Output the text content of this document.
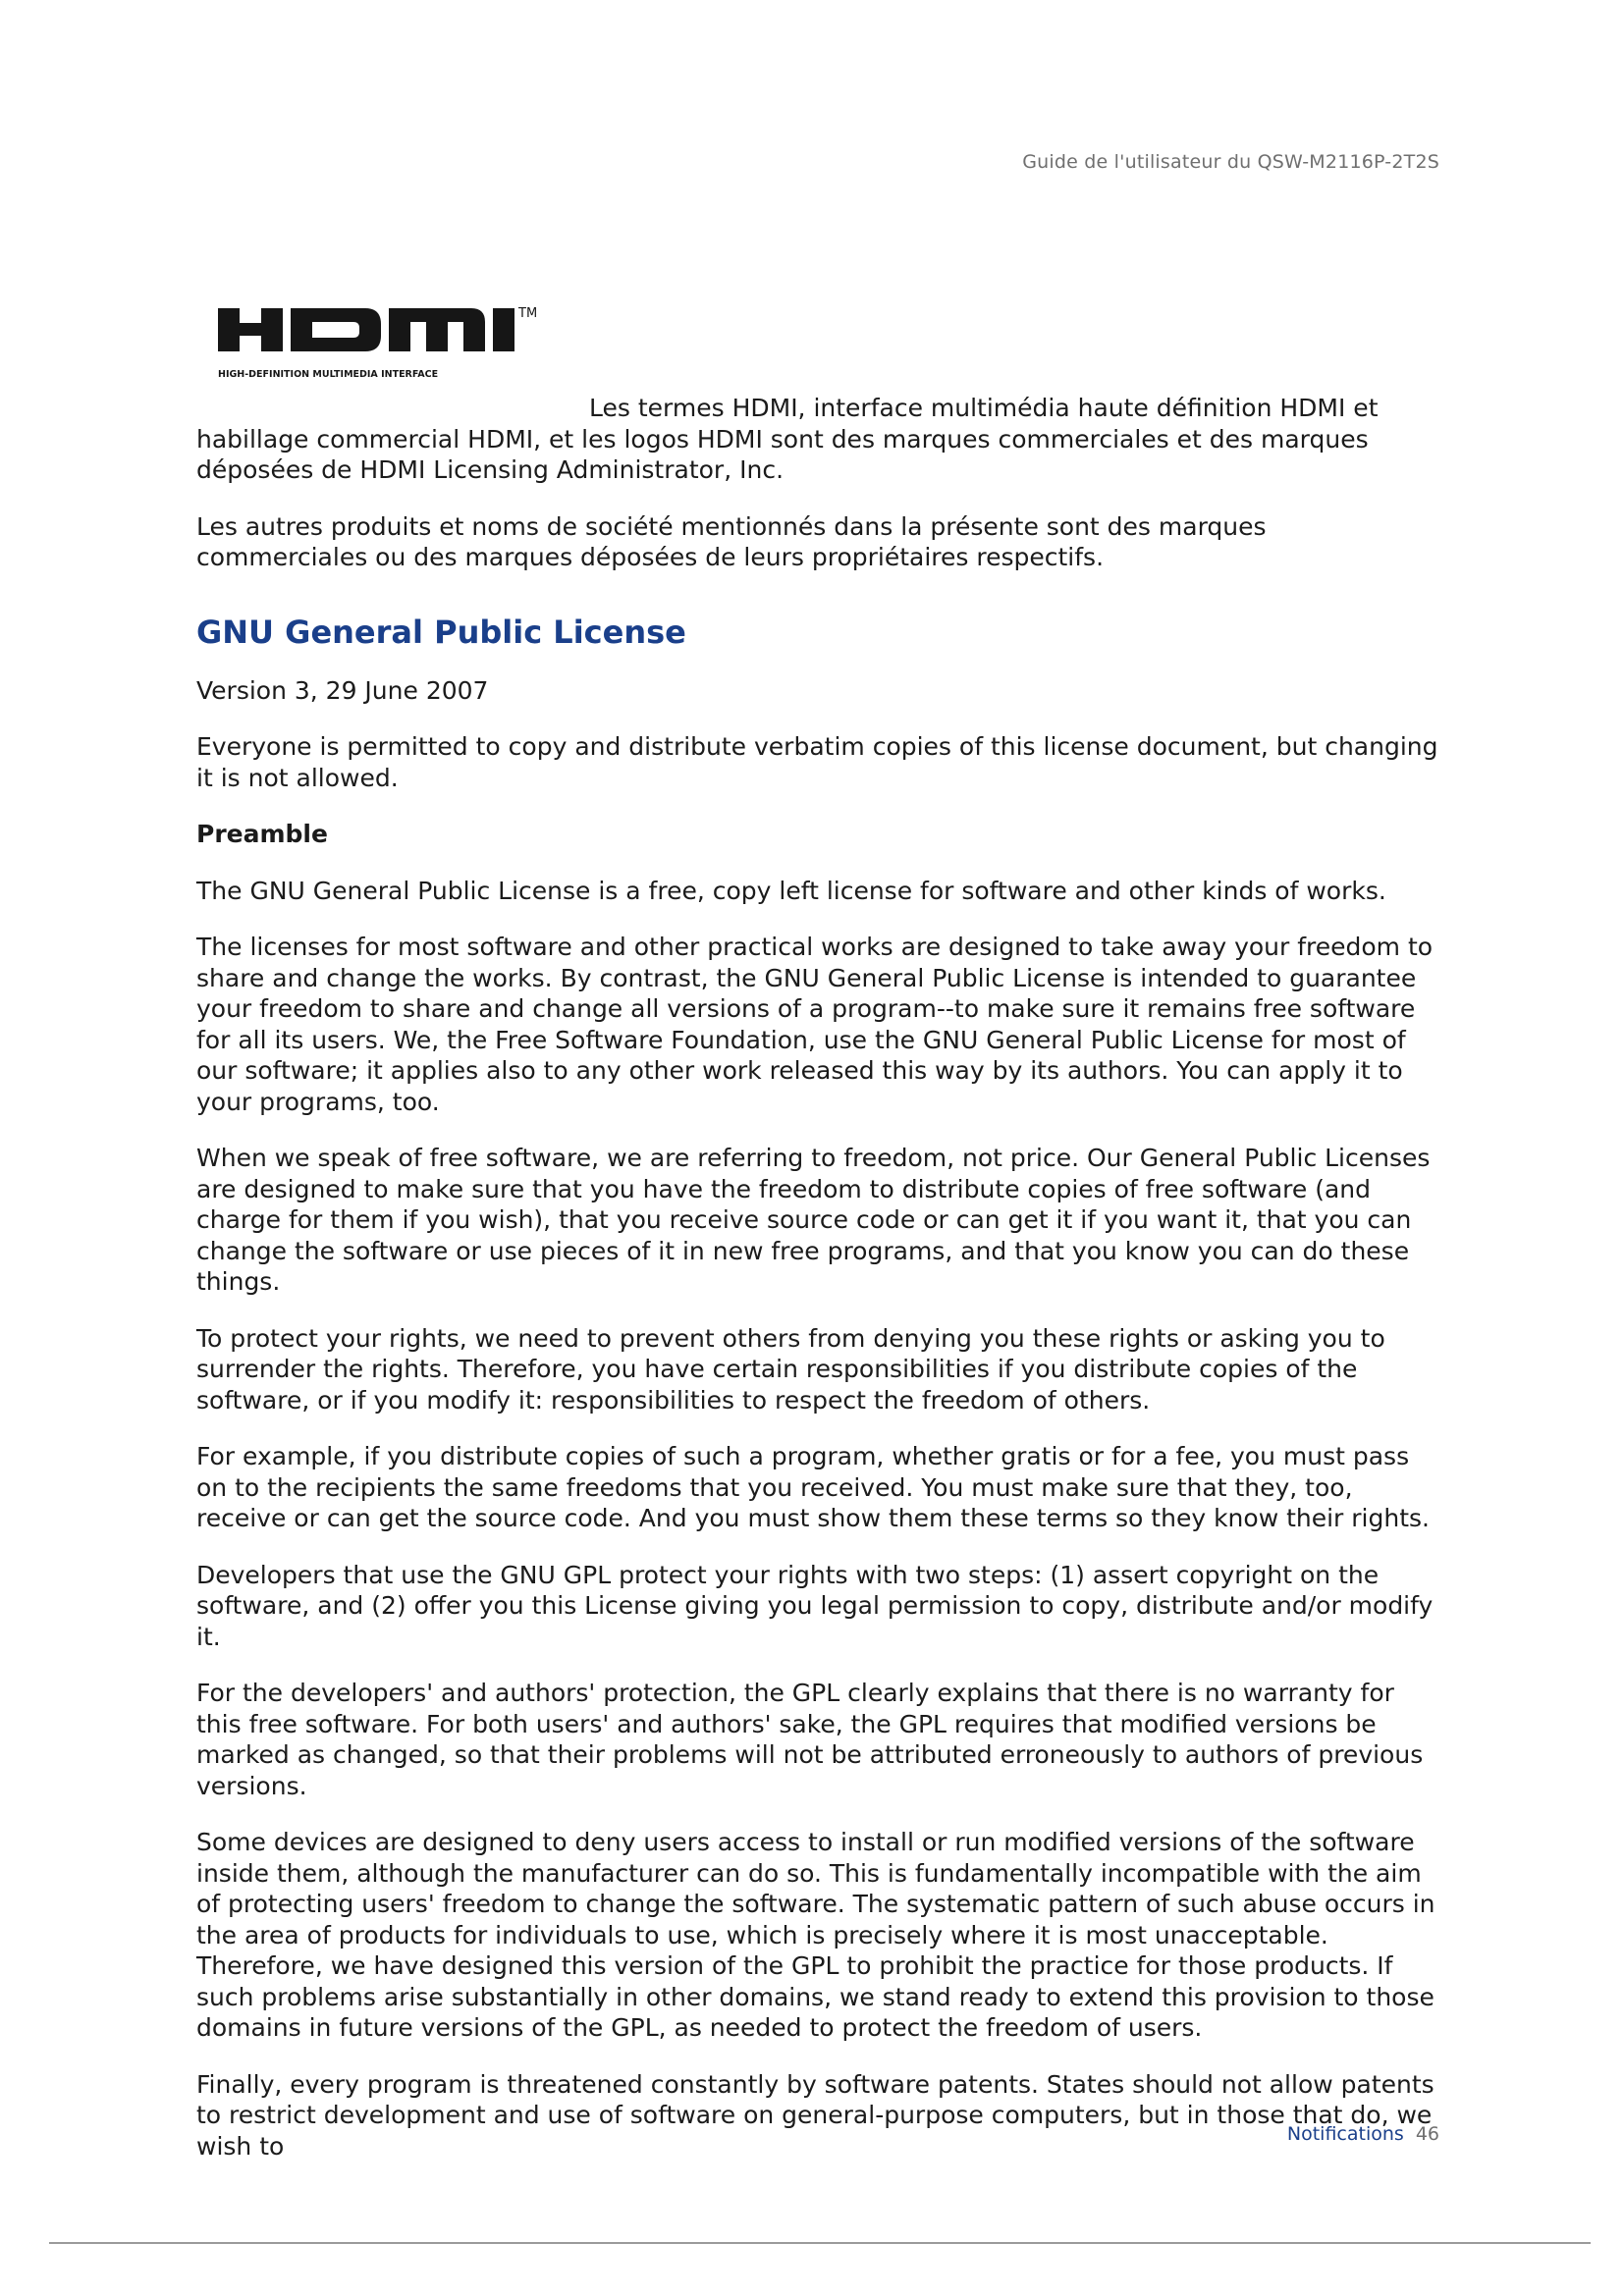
Guide de l'utilisateur du QSW-M2116P-2T2S
TM
HIGH-DEFINITION MULTIMEDIA INTERFACE

Les termes HDMI, interface multimédia haute définition HDMI et habillage commercial HDMI, et les logos HDMI sont des marques commerciales et des marques déposées de HDMI Licensing Administrator, Inc.

Les autres produits et noms de société mentionnés dans la présente sont des marques commerciales ou des marques déposées de leurs propriétaires respectifs.

GNU General Public License

Version 3, 29 June 2007

Everyone is permitted to copy and distribute verbatim copies of this license document, but changing it is not allowed.

Preamble

The GNU General Public License is a free, copy left license for software and other kinds of works.

The licenses for most software and other practical works are designed to take away your freedom to share and change the works. By contrast, the GNU General Public License is intended to guarantee your freedom to share and change all versions of a program--to make sure it remains free software for all its users. We, the Free Software Foundation, use the GNU General Public License for most of our software; it applies also to any other work released this way by its authors. You can apply it to your programs, too.

When we speak of free software, we are referring to freedom, not price. Our General Public Licenses are designed to make sure that you have the freedom to distribute copies of free software (and charge for them if you wish), that you receive source code or can get it if you want it, that you can change the software or use pieces of it in new free programs, and that you know you can do these things.

To protect your rights, we need to prevent others from denying you these rights or asking you to surrender the rights. Therefore, you have certain responsibilities if you distribute copies of the software, or if you modify it: responsibilities to respect the freedom of others.

For example, if you distribute copies of such a program, whether gratis or for a fee, you must pass on to the recipients the same freedoms that you received. You must make sure that they, too, receive or can get the source code. And you must show them these terms so they know their rights.

Developers that use the GNU GPL protect your rights with two steps: (1) assert copyright on the software, and (2) offer you this License giving you legal permission to copy, distribute and/or modify it.

For the developers' and authors' protection, the GPL clearly explains that there is no warranty for this free software. For both users' and authors' sake, the GPL requires that modified versions be marked as changed, so that their problems will not be attributed erroneously to authors of previous versions.

Some devices are designed to deny users access to install or run modified versions of the software inside them, although the manufacturer can do so. This is fundamentally incompatible with the aim of protecting users' freedom to change the software. The systematic pattern of such abuse occurs in the area of products for individuals to use, which is precisely where it is most unacceptable. Therefore, we have designed this version of the GPL to prohibit the practice for those products. If such problems arise substantially in other domains, we stand ready to extend this provision to those domains in future versions of the GPL, as needed to protect the freedom of users.

Finally, every program is threatened constantly by software patents. States should not allow patents to restrict development and use of software on general-purpose computers, but in those that do, we wish to	Notifications 46
